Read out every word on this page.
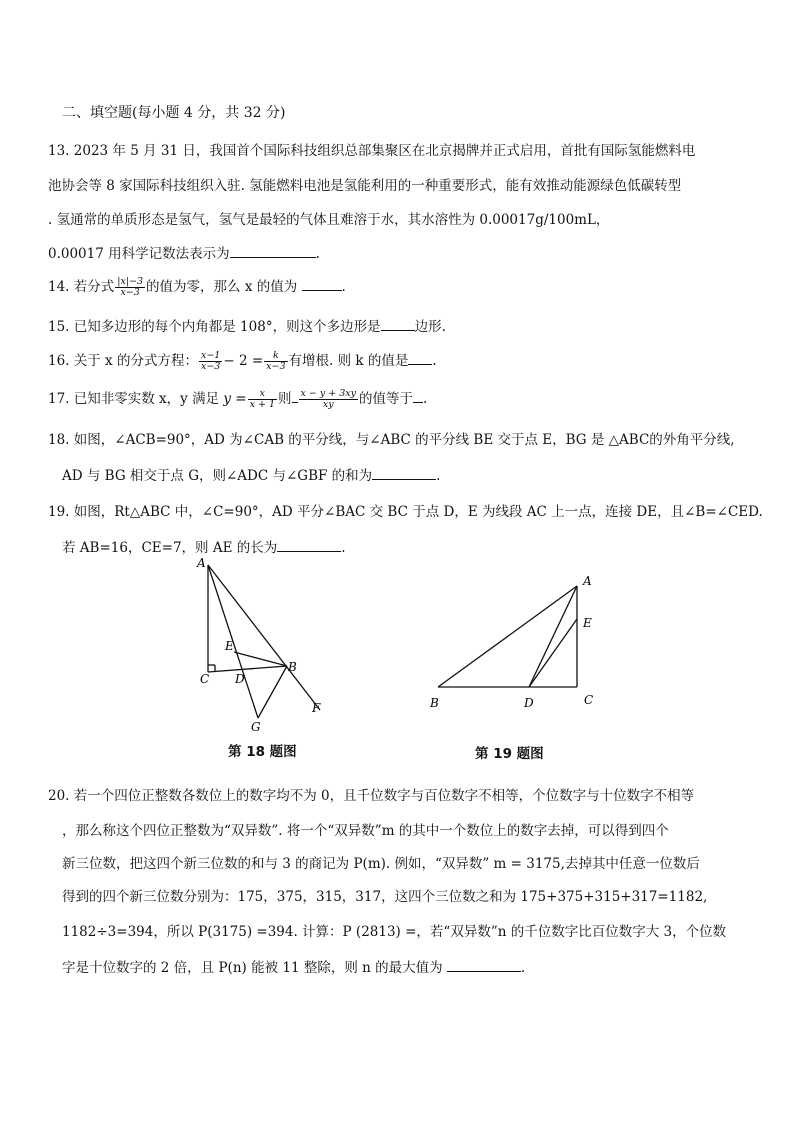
二、填空题(每小题 4 分，共 32 分)
13. 2023 年 5 月 31 日，我国首个国际科技组织总部集聚区在北京揭牌并正式启用，首批有国际氢能燃料电
池协会等 8 家国际科技组织入驻. 氢能燃料电池是氢能利用的一种重要形式，能有效推动能源绿色低碳转型
. 氢通常的单质形态是氢气，氢气是最轻的气体且难溶于水，其水溶性为 0.00017g/100mL，
0.00017 用科学记数法表示为	.
14. 若分式 $\frac{|x|-3}{x-3}$ 的值为零，那么 x 的值为	.
15. 已知多边形的每个内角都是 108°，则这个多边形是	边形.
16. 关于 x 的分式方程： $\frac{x-1}{x-3} - 2 = \frac{k}{x-3}$ 有增根. 则 k 的值是 .
17. 已知非零实数 x，y 满足 $y = \frac{x}{x + 1}$ 则 $\frac{x - y + 3xy}{xy}$ 的值等于 .
18. 如图，∠ACB=90°，AD 为∠CAB 的平分线，与∠ABC 的平分线 BE 交于点 E，BG 是 △ABC的外角平分线,
AD 与 BG 相交于点 G，则∠ADC 与∠GBF 的和为	.
19. 如图，Rt△ABC 中，∠C=90°，AD 平分∠BAC 交 BC 于点 D，E 为线段 AC 上一点，连接 DE，且∠B=∠CED.
若 AB=16，CE=7，则 AE 的长为	.
A
E
B
C D
G
F
第 18 题图
A
E
B	D	C
第 19 题图
20. 若一个四位正整数各数位上的数字均不为 0，且千位数字与百位数字不相等，个位数字与十位数字不相等
，那么称这个四位正整数为“双异数”. 将一个“双异数”m 的其中一个数位上的数字去掉，可以得到四个
新三位数，把这四个新三位数的和与 3 的商记为 P(m). 例如，“双异数” m = 3175,去掉其中任意一位数后
得到的四个新三位数分别为：175，375，315，317，这四个三位数之和为 175+375+315+317=1182,
1182÷3=394，所以 P(3175) =394. 计算：P (2813) =，若“双异数”n 的千位数字比百位数字大 3，个位数
字是十位数字的 2 倍，且 P(n) 能被 11 整除，则 n 的最大值为	.
